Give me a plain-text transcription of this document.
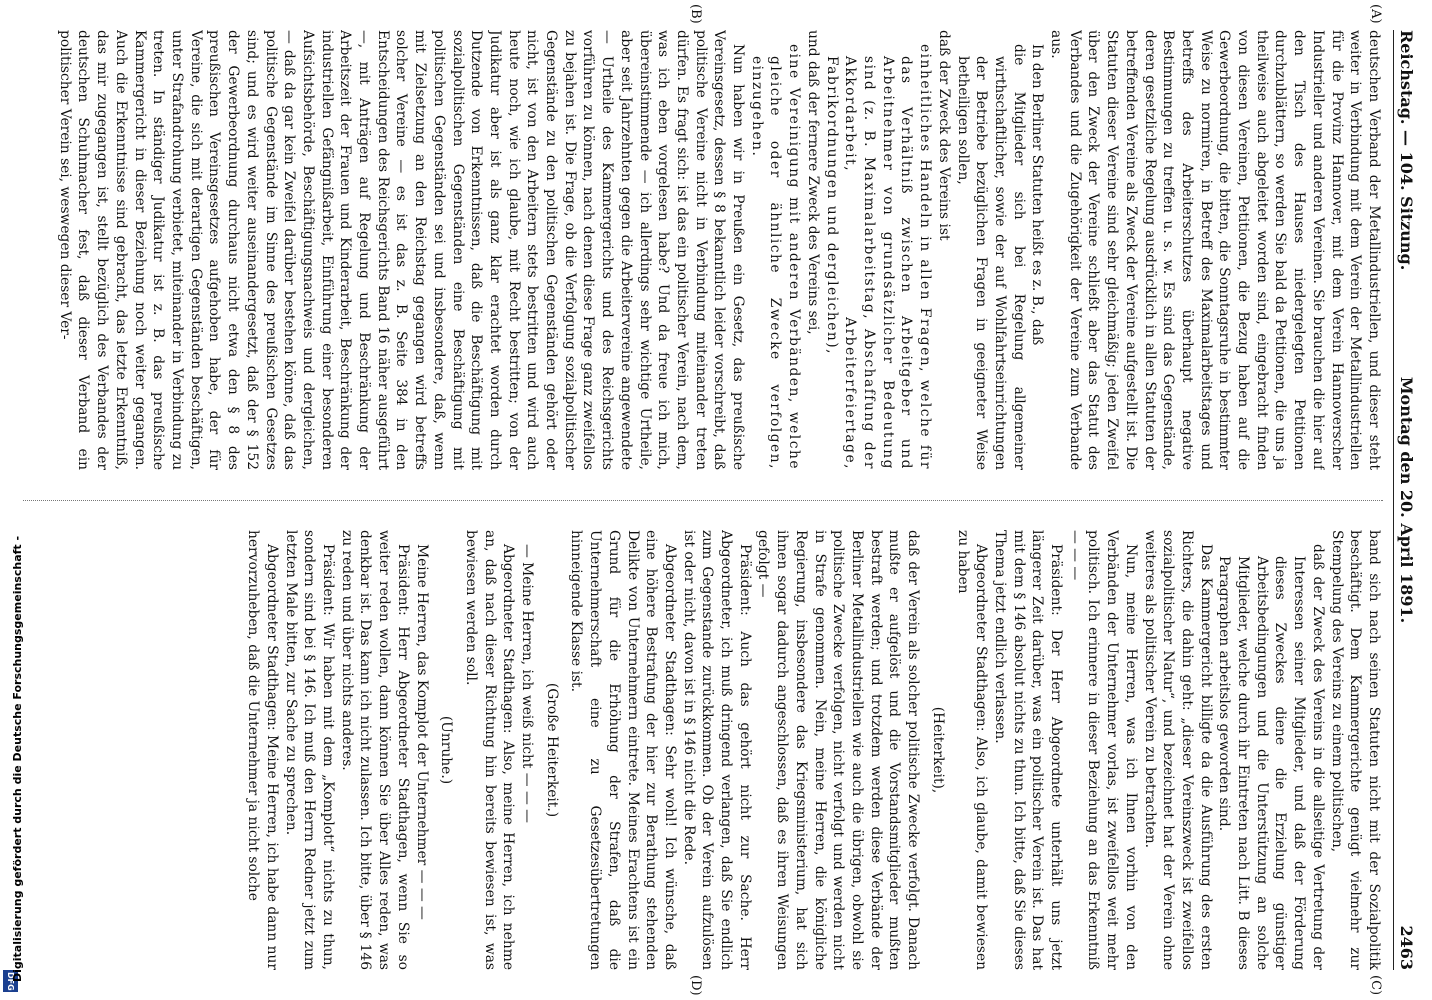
DFG
Digitalisierung gefördert durch die Deutsche Forschungsgemeinschaft -
Reichstag. — 104. Sitzung.
Montag den 20. April 1891.
2463
(A)
(B)
(C)
(D)

deutschen Verband der Metallindustriellen, und dieser steht weiter in Verbindung mit dem Verein der Metallindustriellen für die Provinz Hannover, mit dem Verein Hannoverscher Industrieller und anderen Vereinen. Sie brauchen die hier auf den Tisch des Hauses niedergelegten Petitionen durchzublättern, so werden Sie bald da Petitionen, die uns ja theilweise auch abgeleitet worden sind, eingebracht finden von diesen Vereinen, Petitionen, die Bezug haben auf die Gewerbeordnung, die bitten, die Sonntagsruhe in bestimmter Weise zu normiren, in Betreff des Maximalarbeitstages und betreffs des Arbeiterschutzes überhaupt negative Bestimmungen zu treffen u. s. w. Es sind das Gegenstände, deren gesetzliche Regelung ausdrücklich in allen Statuten der betreffenden Vereine als Zweck der Vereine aufgestellt ist. Die Statuten dieser Vereine sind sehr gleichmäßig; jeden Zweifel über den Zweck der Vereine schließt aber das Statut des Verbandes und die Zugehörigkeit der Vereine zum Verbande aus.

In den Berliner Statuten heißt es z. B., daß

die Mitglieder sich bei Regelung allgemeiner wirthschaftlicher, sowie der auf Wohlfahrtseinrichtungen der Betriebe bezüglichen Fragen in geeigneter Weise betheiligen sollen,

daß der Zweck des Vereins ist

einheitliches Handeln in allen Fragen, welche für das Verhältniß zwischen Arbeitgeber und Arbeitnehmer von grundsätzlicher Bedeutung sind (z. B. Maximalarbeitstag, Abschaffung der Akkordarbeit, Arbeiterfeiertage, Fabrikordnungen und dergleichen),

und daß der fernere Zweck des Vereins sei,

eine Vereinigung mit anderen Verbänden, welche gleiche oder ähnliche Zwecke verfolgen, einzugehen.

Nun haben wir in Preußen ein Gesetz, das preußische Vereinsgesetz, dessen § 8 bekanntlich leider vorschreibt, daß politische Vereine nicht in Verbindung miteinander treten dürfen. Es fragt sich: ist das ein politischer Verein, nach dem, was ich eben vorgelesen habe? Und da freue ich mich, übereinstimmende — ich allerdings sehr wichtige Urtheile, aber seit Jahrzehnten gegen die Arbeitervereine angewendete — Urtheile des Kammergerichts und des Reichsgerichts vorführen zu können, nach denen diese Frage ganz zweifellos zu bejahen ist. Die Frage, ob die Verfolgung sozialpolitischer Gegenstände zu den politischen Gegenständen gehört oder nicht, ist von den Arbeitern stets bestritten und wird auch heute noch, wie ich glaube, mit Recht bestritten; von der Judikatur aber ist als ganz klar erachtet worden durch Dutzende von Erkenntnissen, daß die Beschäftigung mit sozialpolitischen Gegenständen eine Beschäftigung mit politischen Gegenständen sei und insbesondere, daß, wenn mit Zielsetzung an den Reichstag gegangen wird betreffs solcher Vereine — es ist das z. B. Seite 384 in den Entscheidungen des Reichsgerichts Band 16 näher ausgeführt —, mit Anträgen auf Regelung und Beschränkung der Arbeitszeit der Frauen und Kinderarbeit, Beschränkung der industriellen Gefängnißarbeit, Einführung einer besonderen Aufsichtsbehörde, Beschäftigungsnachweis und dergleichen, — daß da gar kein Zweifel darüber bestehen könne, daß das politische Gegenstände im Sinne des preußischen Gesetzes sind; und es wird weiter auseinandergesetzt, daß der § 152 der Gewerbeordnung durchaus nicht etwa den § 8 des preußischen Vereinsgesetzes aufgehoben habe, der für Vereine, die sich mit derartigen Gegenständen beschäftigen, unter Strafandrohung verbietet, miteinander in Verbindung zu treten. In ständiger Judikatur ist z. B. das preußische Kammergericht in dieser Beziehung noch weiter gegangen. Auch die Erkenntnisse sind gebracht, das letzte Erkenntniß, das mir zugegangen ist, stellt bezüglich des Verbandes der deutschen Schuhmacher fest, daß dieser Verband ein politischer Verein sei, weswegen dieser Ver-

band sich nach seinen Statuten nicht mit der Sozialpolitik beschäftigt. Dem Kammergerichte genügt vielmehr zur Stempelung des Vereins zu einem politischen,

daß der Zweck des Vereins in die allseitige Vertretung der Interessen seiner Mitglieder, und daß der Förderung dieses Zweckes diene die Erzielung günstiger Arbeitsbedingungen und die Unterstützung an solche Mitglieder, welche durch ihr Eintreten nach Litt. B dieses Paragraphen arbeitslos geworden sind.

Das Kammergericht billigte da die Ausführung des ersten Richters, die dahin geht: „dieser Vereinszweck ist zweifellos sozialpolitischer Natur“, und bezeichnet hat der Verein ohne weiteres als politischer Verein zu betrachten.

Nun, meine Herren, was ich Ihnen vorhin von den Verbänden der Unternehmer vorlas, ist zweifellos weit mehr politisch. Ich erinnere in dieser Beziehung an das Erkenntniß — — —

Präsident: Der Herr Abgeordnete unterhält uns jetzt längerer Zeit darüber, was ein politischer Verein ist. Das hat mit dem § 146 absolut nichts zu thun. Ich bitte, daß Sie dieses Thema jetzt endlich verlassen.

Abgeordneter Stadthagen: Also, ich glaube, damit bewiesen zu haben

(Heiterkeit),

daß der Verein als solcher politische Zwecke verfolgt. Danach mußte er aufgelöst und die Vorstandsmitglieder mußten bestraft werden; und trotzdem werden diese Verbände der Berliner Metallindustriellen wie auch die übrigen, obwohl sie politische Zwecke verfolgen, nicht verfolgt und werden nicht in Strafe genommen. Nein, meine Herren, die königliche Regierung, insbesondere das Kriegsministerium, hat sich ihnen sogar dadurch angeschlossen, daß es ihren Weisungen gefolgt —

Präsident: Auch das gehört nicht zur Sache. Herr Abgeordneter, ich muß dringend verlangen, daß Sie endlich zum Gegenstande zurückkommen. Ob der Verein aufzulösen ist oder nicht, davon ist in § 146 nicht die Rede.

Abgeordneter Stadthagen: Sehr wohl! Ich wünsche, daß eine höhere Bestrafung der hier zur Berathung stehenden Delikte von Unternehmern eintrete. Meines Erachtens ist ein Grund für die Erhöhung der Strafen, daß die Unternehmerschaft eine zu Gesetzesübertretungen hinneigende Klasse ist.

(Große Heiterkeit.)

— Meine Herren, ich weiß nicht — — —

Abgeordneter Stadthagen: Also, meine Herren, ich nehme an, daß nach dieser Richtung hin bereits bewiesen ist, was bewiesen werden soll.

(Unruhe.)

Meine Herren, das Komplot der Unternehmer — — —

Präsident: Herr Abgeordneter Stadthagen, wenn Sie so weiter reden wollen, dann können Sie über Alles reden, was denkbar ist. Das kann ich nicht zulassen. Ich bitte, über § 146 zu reden und über nichts anderes.

Präsident: Wir haben mit dem „Komplott“ nichts zu thun, sondern sind bei § 146. Ich muß den Herrn Redner jetzt zum letzten Male bitten, zur Sache zu sprechen.

Abgeordneter Stadthagen: Meine Herren, ich habe dann nur hervorzuheben, daß die Unternehmer ja nicht solche
